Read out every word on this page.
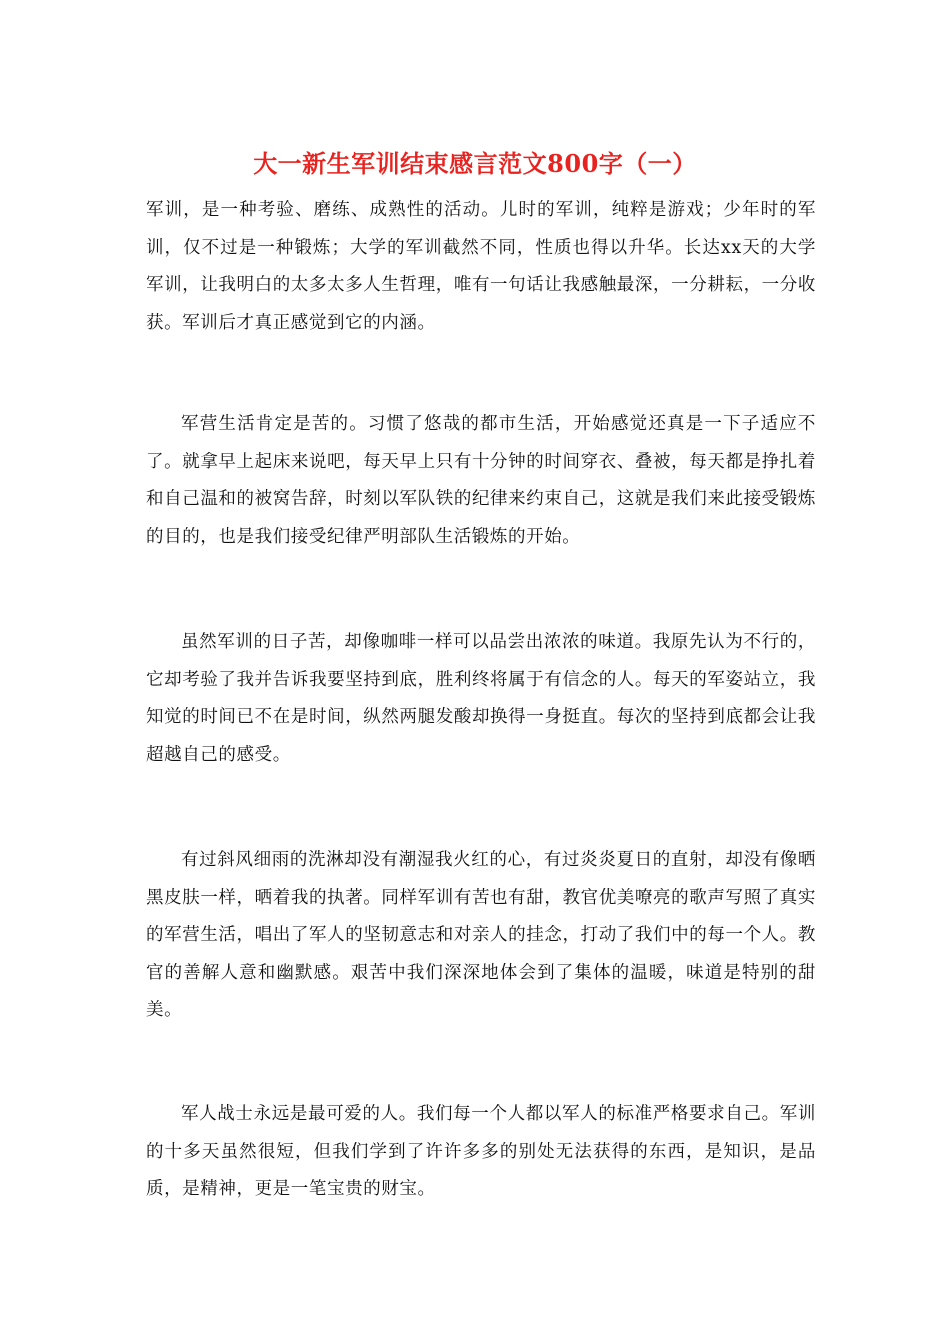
大一新生军训结束感言范文800字（一）

军训，是一种考验、磨练、成熟性的活动。儿时的军训，纯粹是游戏；少年时的军训，仅不过是一种锻炼；大学的军训截然不同，性质也得以升华。长达xx天的大学军训，让我明白的太多太多人生哲理，唯有一句话让我感触最深，一分耕耘，一分收获。军训后才真正感觉到它的内涵。

军营生活肯定是苦的。习惯了悠哉的都市生活，开始感觉还真是一下子适应不了。就拿早上起床来说吧，每天早上只有十分钟的时间穿衣、叠被，每天都是挣扎着和自己温和的被窝告辞，时刻以军队铁的纪律来约束自己，这就是我们来此接受锻炼的目的，也是我们接受纪律严明部队生活锻炼的开始。

虽然军训的日子苦，却像咖啡一样可以品尝出浓浓的味道。我原先认为不行的，它却考验了我并告诉我要坚持到底，胜利终将属于有信念的人。每天的军姿站立，我知觉的时间已不在是时间，纵然两腿发酸却换得一身挺直。每次的坚持到底都会让我超越自己的感受。

有过斜风细雨的洗淋却没有潮湿我火红的心，有过炎炎夏日的直射，却没有像晒黑皮肤一样，晒着我的执著。同样军训有苦也有甜，教官优美嘹亮的歌声写照了真实的军营生活，唱出了军人的坚韧意志和对亲人的挂念，打动了我们中的每一个人。教官的善解人意和幽默感。艰苦中我们深深地体会到了集体的温暖，味道是特别的甜美。

军人战士永远是最可爱的人。我们每一个人都以军人的标准严格要求自己。军训的十多天虽然很短，但我们学到了许许多多的别处无法获得的东西，是知识，是品质，是精神，更是一笔宝贵的财宝。
